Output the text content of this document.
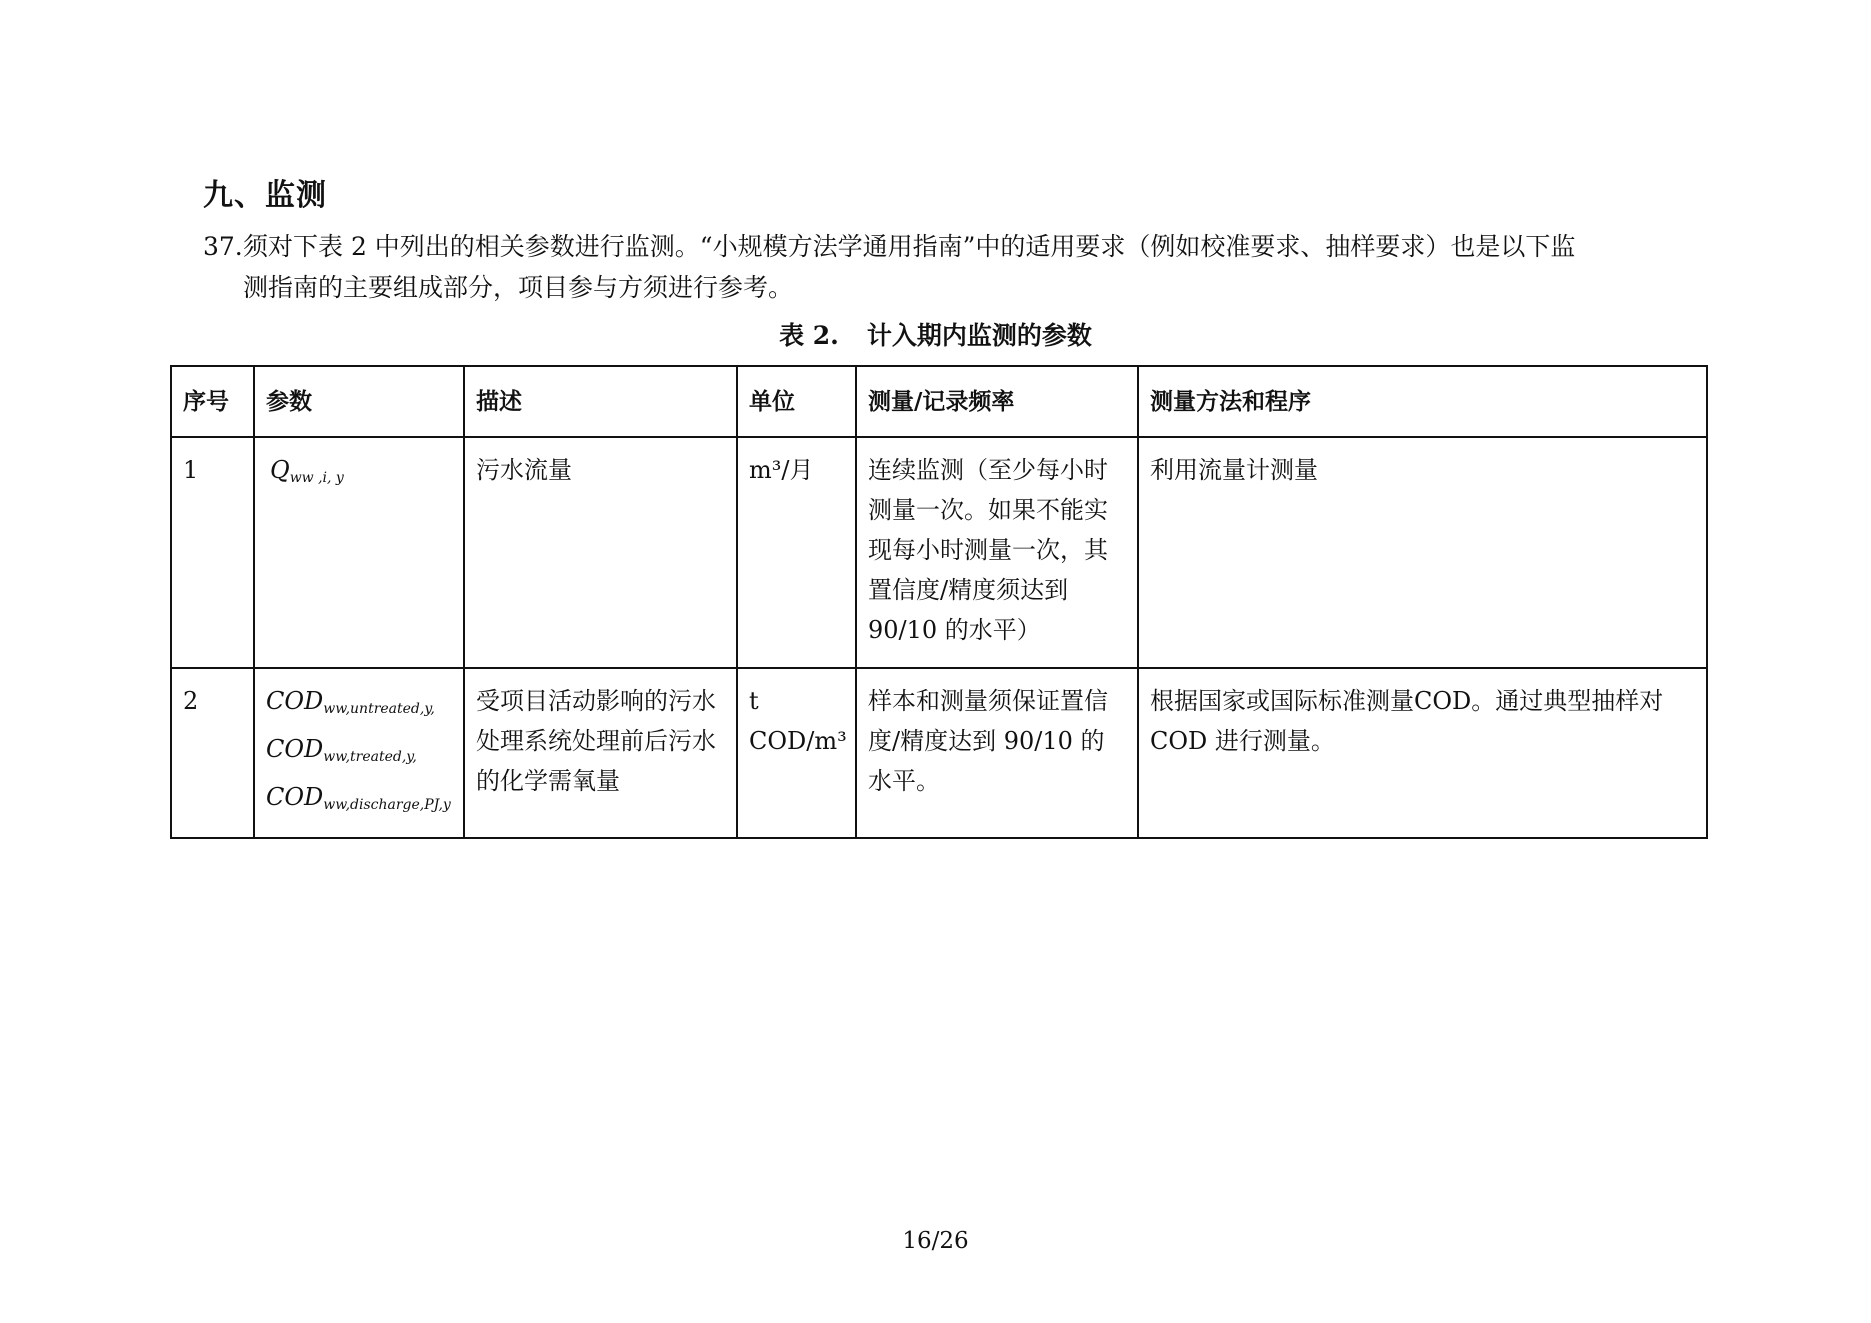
九、监测
37.须对下表 2 中列出的相关参数进行监测。“小规模方法学通用指南”中的适用要求（例如校准要求、抽样要求）也是以下监
测指南的主要组成部分，项目参与方须进行参考。
表 2. 计入期内监测的参数
序号	参数	描述	单位	测量/记录频率	测量方法和程序
1	$Q_{ww ,i, y}$	污水流量	m³/月	连续监测（至少每小时测量一次。如果不能实现每小时测量一次，其置信度/精度须达到 90/10 的水平）	利用流量计测量
2	$COD_{ww,untreated,y,}$
$COD_{ww,treated,y,}$
$COD_{ww,discharge,PJ,y}$	受项目活动影响的污水处理系统处理前后污水的化学需氧量	t COD/m³	样本和测量须保证置信度/精度达到 90/10 的水平。	根据国家或国际标准测量COD。通过典型抽样对 COD 进行测量。
16/26
